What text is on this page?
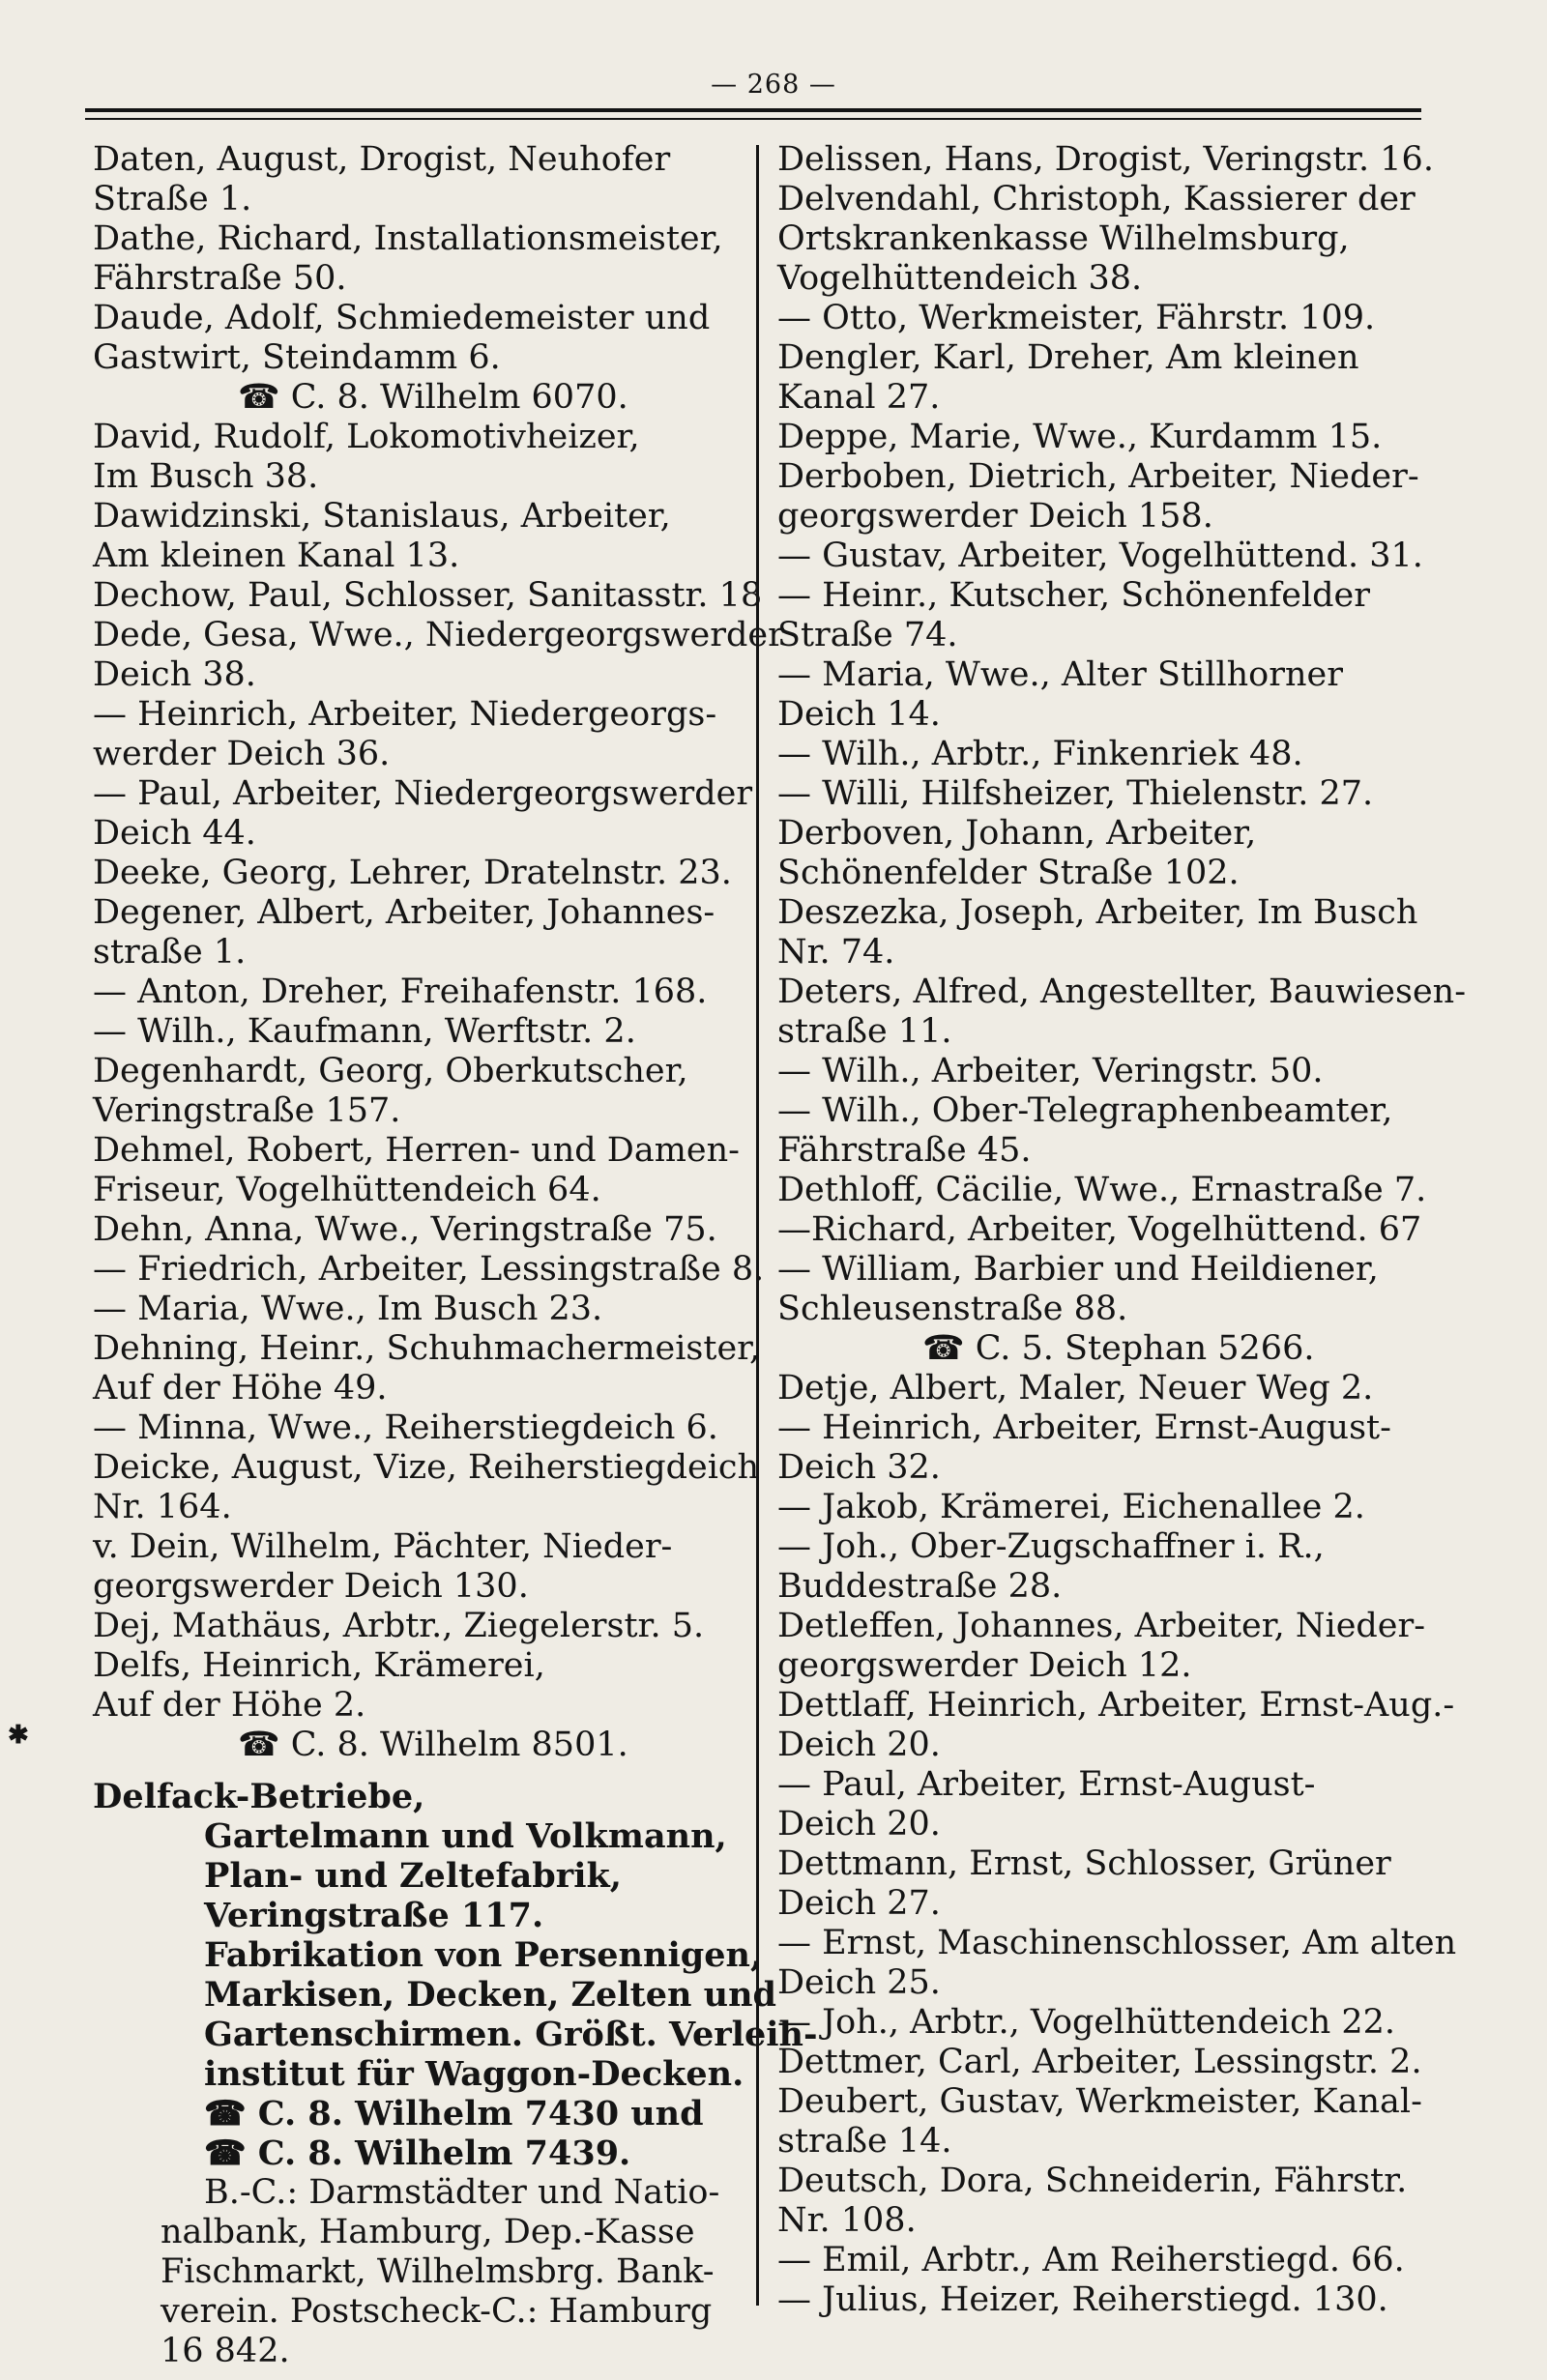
— 268 —
✱

Daten, August, Drogist, Neuhofer
Straße 1.

Dathe, Richard, Installationsmeister,
Fährstraße 50.

Daude, Adolf, Schmiedemeister und
Gastwirt, Steindamm 6.

☎ C. 8. Wilhelm 6070.

David, Rudolf, Lokomotivheizer,
Im Busch 38.

Dawidzinski, Stanislaus, Arbeiter,
Am kleinen Kanal 13.

Dechow, Paul, Schlosser, Sanitasstr. 18

Dede, Gesa, Wwe., Niedergeorgswerder
Deich 38.

— Heinrich, Arbeiter, Niedergeorgs-
werder Deich 36.

— Paul, Arbeiter, Niedergeorgswerder
Deich 44.

Deeke, Georg, Lehrer, Dratelnstr. 23.

Degener, Albert, Arbeiter, Johannes-
straße 1.

— Anton, Dreher, Freihafenstr. 168.

— Wilh., Kaufmann, Werftstr. 2.

Degenhardt, Georg, Oberkutscher,
Veringstraße 157.

Dehmel, Robert, Herren- und Damen-
Friseur, Vogelhüttendeich 64.

Dehn, Anna, Wwe., Veringstraße 75.

— Friedrich, Arbeiter, Lessingstraße 8.

— Maria, Wwe., Im Busch 23.

Dehning, Heinr., Schuhmachermeister,
Auf der Höhe 49.

— Minna, Wwe., Reiherstiegdeich 6.

Deicke, August, Vize, Reiherstiegdeich
Nr. 164.

v. Dein, Wilhelm, Pächter, Nieder-
georgswerder Deich 130.

Dej, Mathäus, Arbtr., Ziegelerstr. 5.

Delfs, Heinrich, Krämerei,
Auf der Höhe 2.

☎ C. 8. Wilhelm 8501.

Delfack-Betriebe,
Gartelmann und Volkmann,
Plan- und Zeltefabrik,
Veringstraße 117.
Fabrikation von Persennigen,
Markisen, Decken, Zelten und
Gartenschirmen. Größt. Verleih-
institut für Waggon-Decken.
☎ C. 8. Wilhelm 7430 und
☎ C. 8. Wilhelm 7439.
B.-C.: Darmstädter und Natio-
nalbank, Hamburg, Dep.-Kasse
Fischmarkt, Wilhelmsbrg. Bank-
verein. Postscheck-C.: Hamburg
16 842.

Delissen, Hans, Drogist, Veringstr. 16.

Delvendahl, Christoph, Kassierer der
Ortskrankenkasse Wilhelmsburg,
Vogelhüttendeich 38.

— Otto, Werkmeister, Fährstr. 109.

Dengler, Karl, Dreher, Am kleinen
Kanal 27.

Deppe, Marie, Wwe., Kurdamm 15.

Derboben, Dietrich, Arbeiter, Nieder-
georgswerder Deich 158.

— Gustav, Arbeiter, Vogelhüttend. 31.

— Heinr., Kutscher, Schönenfelder
Straße 74.

— Maria, Wwe., Alter Stillhorner
Deich 14.

— Wilh., Arbtr., Finkenriek 48.

— Willi, Hilfsheizer, Thielenstr. 27.

Derboven, Johann, Arbeiter,
Schönenfelder Straße 102.

Deszezka, Joseph, Arbeiter, Im Busch
Nr. 74.

Deters, Alfred, Angestellter, Bauwiesen-
straße 11.

— Wilh., Arbeiter, Veringstr. 50.

— Wilh., Ober-Telegraphenbeamter,
Fährstraße 45.

Dethloff, Cäcilie, Wwe., Ernastraße 7.

—Richard, Arbeiter, Vogelhüttend. 67

— William, Barbier und Heildiener,
Schleusenstraße 88.

☎ C. 5. Stephan 5266.

Detje, Albert, Maler, Neuer Weg 2.

— Heinrich, Arbeiter, Ernst-August-
Deich 32.

— Jakob, Krämerei, Eichenallee 2.

— Joh., Ober-Zugschaffner i. R.,
Buddestraße 28.

Detleffen, Johannes, Arbeiter, Nieder-
georgswerder Deich 12.

Dettlaff, Heinrich, Arbeiter, Ernst-Aug.-
Deich 20.

— Paul, Arbeiter, Ernst-August-
Deich 20.

Dettmann, Ernst, Schlosser, Grüner
Deich 27.

— Ernst, Maschinenschlosser, Am alten
Deich 25.

— Joh., Arbtr., Vogelhüttendeich 22.

Dettmer, Carl, Arbeiter, Lessingstr. 2.

Deubert, Gustav, Werkmeister, Kanal-
straße 14.

Deutsch, Dora, Schneiderin, Fährstr.
Nr. 108.

— Emil, Arbtr., Am Reiherstiegd. 66.

— Julius, Heizer, Reiherstiegd. 130.
